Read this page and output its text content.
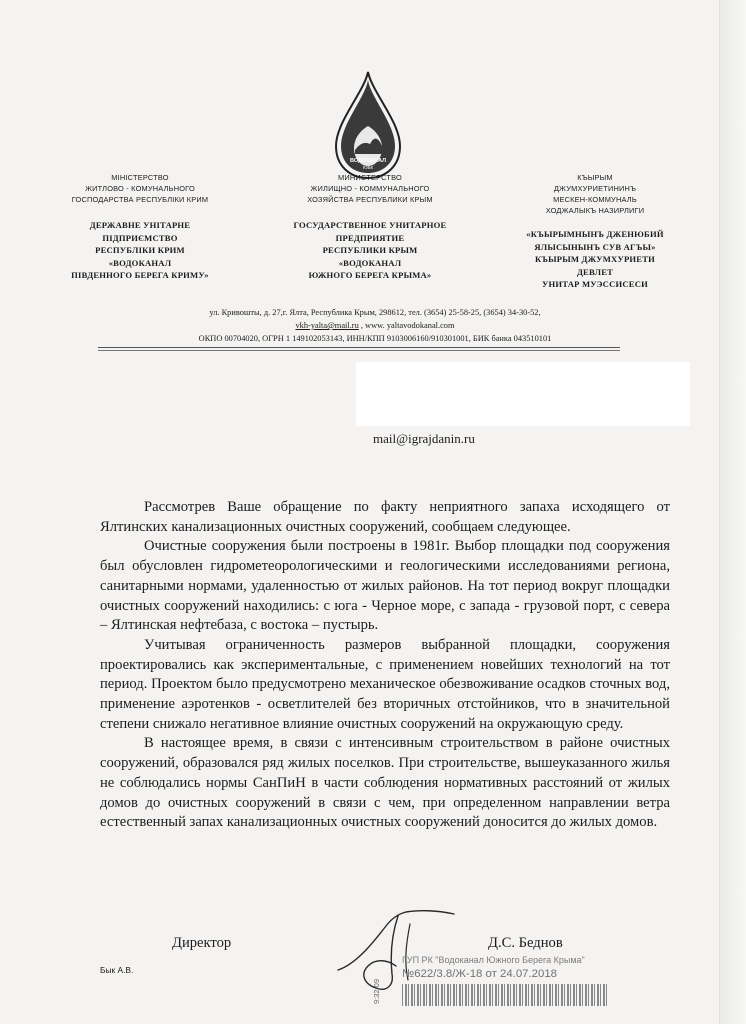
ВОДОКАНАЛ
ЮБК
МІНІСТЕРСТВО
ЖИТЛОВО - КОМУНАЛЬНОГО
ГОСПОДАРСТВА РЕСПУБЛІКИ КРИМ
ДЕРЖАВНЕ УНІТАРНЕ
ПІДПРИЄМСТВО
РЕСПУБЛІКИ КРИМ
«ВОДОКАНАЛ
ПІВДЕННОГО БЕРЕГА КРИМУ»
МИНИСТЕРСТВО
ЖИЛИЩНО - КОММУНАЛЬНОГО
ХОЗЯЙСТВА РЕСПУБЛИКИ КРЫМ
ГОСУДАРСТВЕННОЕ УНИТАРНОЕ
ПРЕДПРИЯТИЕ
РЕСПУБЛИКИ КРЫМ
«ВОДОКАНАЛ
ЮЖНОГО БЕРЕГА КРЫМА»
КЪЫРЫМ
ДЖУМХУРИЕТИНИНЪ
МЕСКЕН-КОММУНАЛЬ
ХОДЖАЛЫКЪ НАЗИРЛИГИ
«КЪЫРЫМНЫНЪ ДЖЕНЮБИЙ
ЯЛЫСЫНЫНЪ СУВ АГЪЫ»
КЪЫРЫМ ДЖУМХУРИЕТИ
ДЕВЛЕТ
УНИТАР МУЭССИСЕСИ
ул. Кривошты, д. 27,г. Ялта, Республика Крым, 298612, тел. (3654) 25-58-25, (3654) 34-30-52,
vkh-yalta@mail.ru , www. yaltavodokanal.com
ОКПО 00704020, ОГРН 1 149102053143, ИНН/КПП 9103006160/910301001, БИК банка 043510101
mail@igrajdanin.ru

Рассмотрев Ваше обращение по факту неприятного запаха исходящего от Ялтинских канализационных очистных сооружений, сообщаем следующее.

Очистные сооружения были построены в 1981г. Выбор площадки под сооружения был обусловлен гидрометеорологическими и геологическими исследованиями региона, санитарными нормами, удаленностью от жилых районов. На тот период вокруг площадки очистных сооружений находились: с юга - Черное море, с запада - грузовой порт, с севера – Ялтинская нефтебаза, с востока – пустырь.

Учитывая ограниченность размеров выбранной площадки, сооружения проектировались как экспериментальные, с применением новейших технологий на тот период. Проектом было предусмотрено механическое обезвоживание осадков сточных вод, применение аэротенков - осветлителей без вторичных отстойников, что в значительной степени снижало негативное влияние очистных сооружений на окружающую среду.

В настоящее время, в связи с интенсивным строительством в районе очистных сооружений, образовался ряд жилых поселков. При строительстве, вышеуказанного жилья не соблюдались нормы СанПиН в части соблюдения нормативных расстояний от жилых домов до очистных сооружений в связи с чем, при определенном направлении ветра естественный запах канализационных очистных сооружений доносится до жилых домов.

Директор	Д.С. Беднов
Бык А.В.
9:32:09
ГУП РК "Водоканал Южного Берега Крыма"
№622/3.8/Ж-18 от 24.07.2018
